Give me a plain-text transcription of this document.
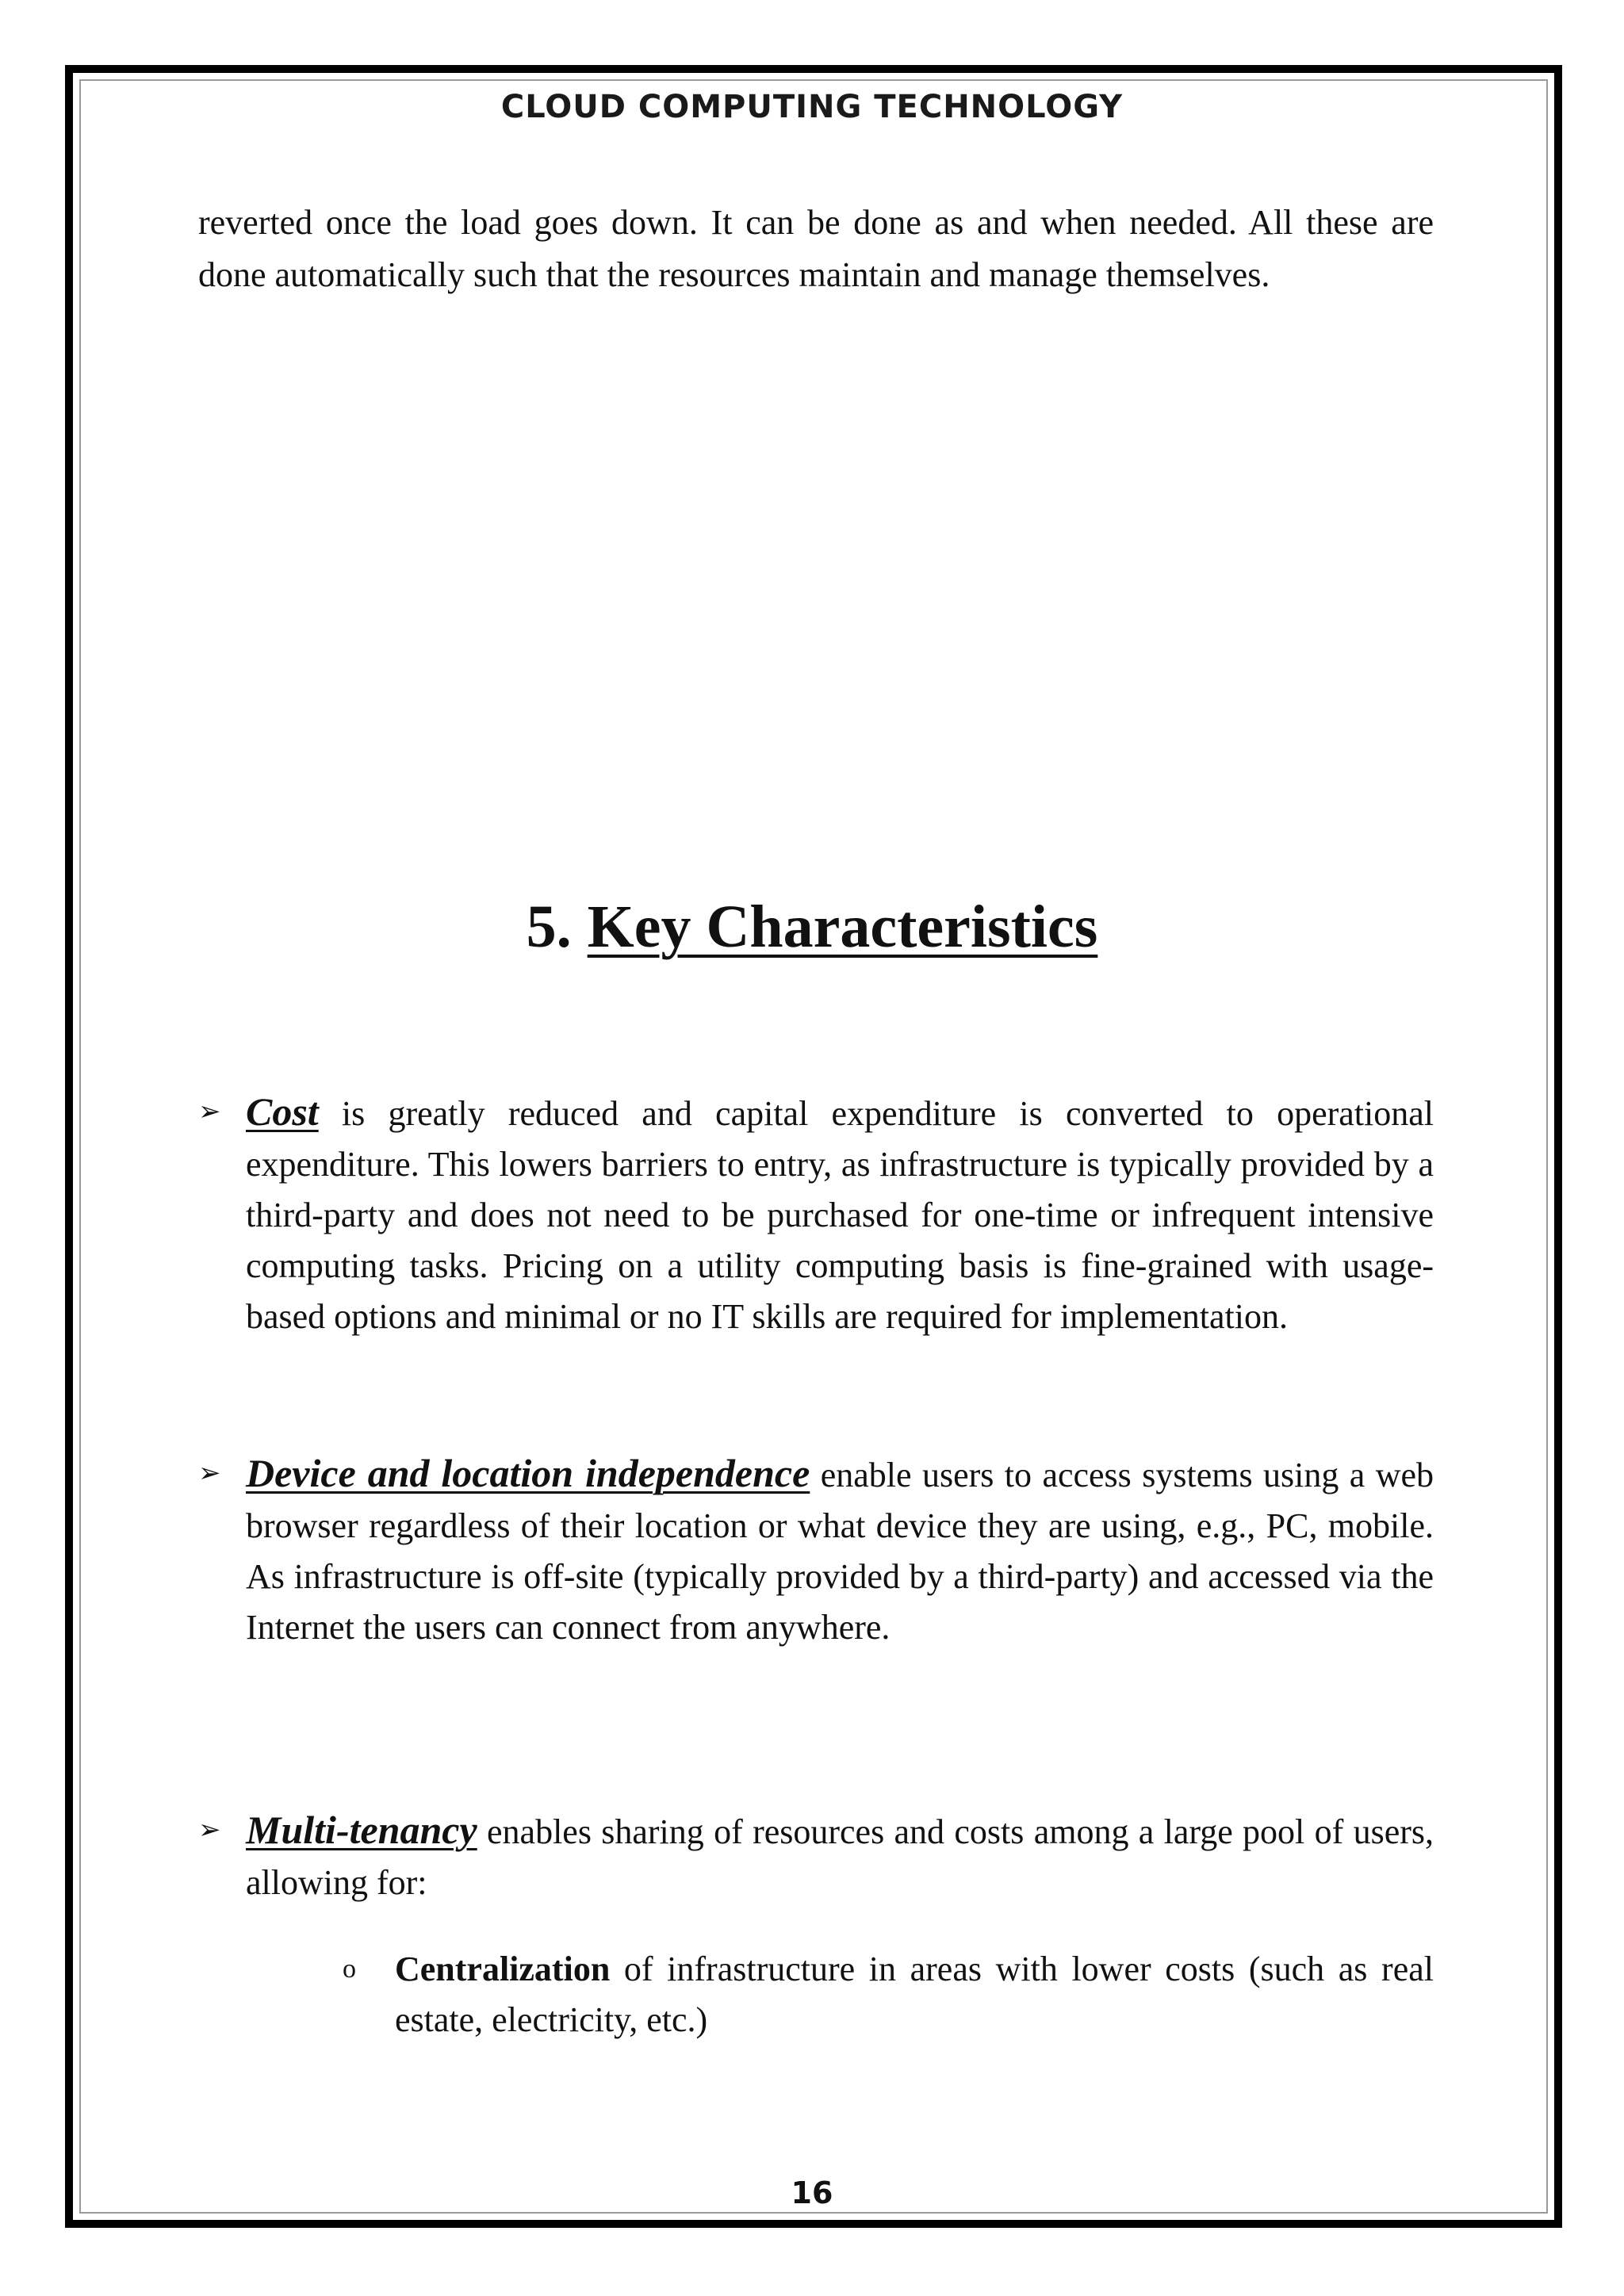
CLOUD COMPUTING TECHNOLOGY
reverted once the load goes down. It can be done as and when needed. All these are done automatically such that the resources maintain and manage themselves.
5. Key Characteristics
➢ Cost is greatly reduced and capital expenditure is converted to operational expenditure. This lowers barriers to entry, as infrastructure is typically provided by a third-party and does not need to be purchased for one-time or infrequent intensive computing tasks. Pricing on a utility computing basis is fine-grained with usage-based options and minimal or no IT skills are required for implementation.

➢ Device and location independence enable users to access systems using a web browser regardless of their location or what device they are using, e.g., PC, mobile. As infrastructure is off-site (typically provided by a third-party) and accessed via the Internet the users can connect from anywhere.

➢ Multi-tenancy enables sharing of resources and costs among a large pool of users, allowing for:

o Centralization of infrastructure in areas with lower costs (such as real estate, electricity, etc.)

16
